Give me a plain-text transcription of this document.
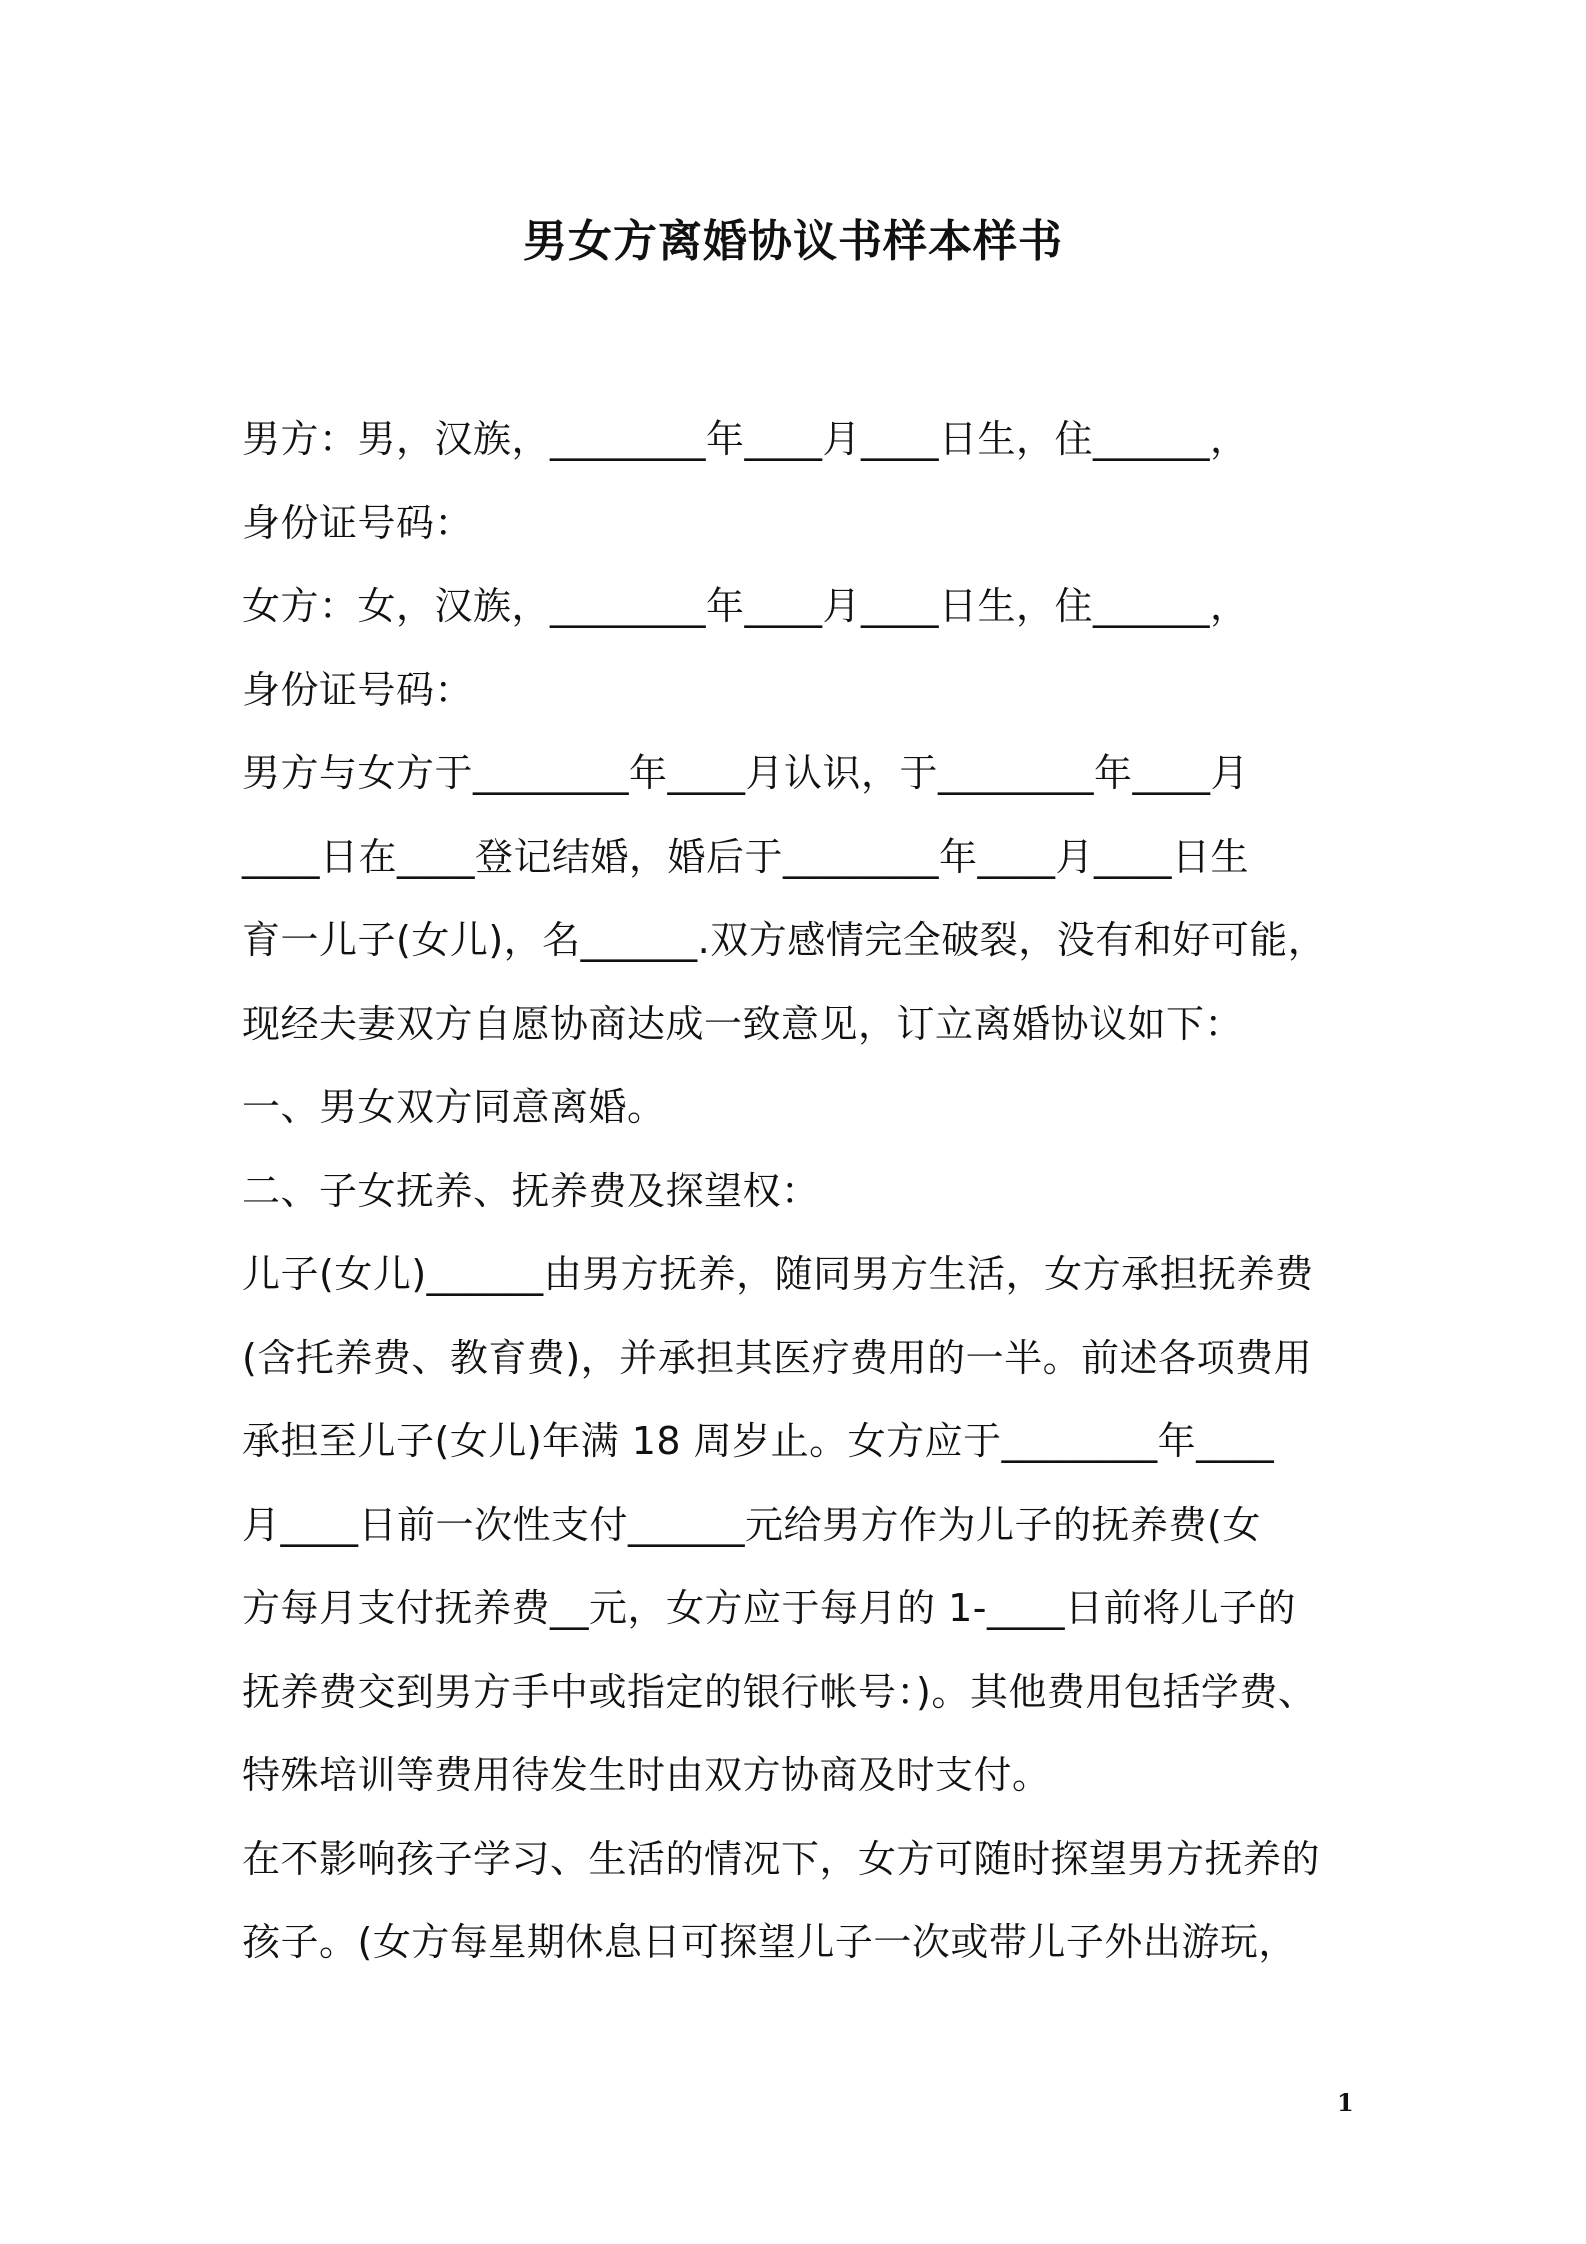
男女方离婚协议书样本样书
男方：男，汉族，________年____月____日生，住______，
身份证号码：
女方：女，汉族，________年____月____日生，住______，
身份证号码：
男方与女方于________年____月认识，于________年____月
____日在____登记结婚，婚后于________年____月____日生
育一儿子(女儿)，名______.双方感情完全破裂，没有和好可能，
现经夫妻双方自愿协商达成一致意见，订立离婚协议如下：
一、男女双方同意离婚。
二、子女抚养、抚养费及探望权：
儿子(女儿)______由男方抚养，随同男方生活，女方承担抚养费
(含托养费、教育费)，并承担其医疗费用的一半。前述各项费用
承担至儿子(女儿)年满 18 周岁止。女方应于________年____
月____日前一次性支付______元给男方作为儿子的抚养费(女
方每月支付抚养费__元，女方应于每月的 1-____日前将儿子的
抚养费交到男方手中或指定的银行帐号：)。其他费用包括学费、
特殊培训等费用待发生时由双方协商及时支付。
在不影响孩子学习、生活的情况下，女方可随时探望男方抚养的
孩子。(女方每星期休息日可探望儿子一次或带儿子外出游玩，
1
